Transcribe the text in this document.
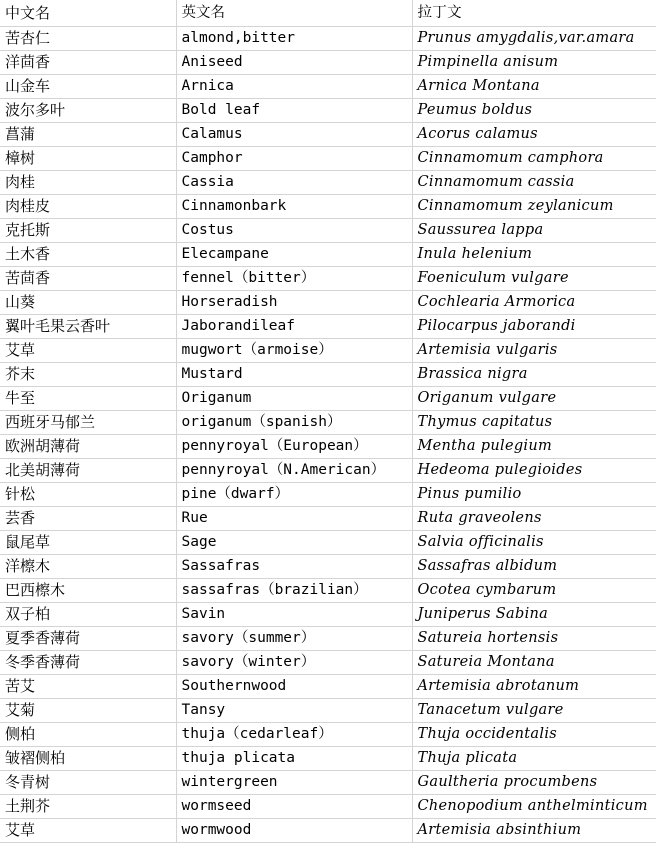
中文名	英文名	拉丁文
苦杏仁	almond,bitter	Prunus amygdalis,var.amara
洋茴香	Aniseed	Pimpinella anisum
山金车	Arnica	Arnica Montana
波尔多叶	Bold leaf	Peumus boldus
菖蒲	Calamus	Acorus calamus
樟树	Camphor	Cinnamomum camphora
肉桂	Cassia	Cinnamomum cassia
肉桂皮	Cinnamonbark	Cinnamomum zeylanicum
克托斯	Costus	Saussurea lappa
土木香	Elecampane	Inula helenium
苦茴香	fennel（bitter）	Foeniculum vulgare
山葵	Horseradish	Cochlearia Armorica
翼叶毛果云香叶	Jaborandileaf	Pilocarpus jaborandi
艾草	mugwort（armoise）	Artemisia vulgaris
芥末	Mustard	Brassica nigra
牛至	Origanum	Origanum vulgare
西班牙马郁兰	origanum（spanish）	Thymus capitatus
欧洲胡薄荷	pennyroyal（European）	Mentha pulegium
北美胡薄荷	pennyroyal（N.American）	Hedeoma pulegioides
针松	pine（dwarf）	Pinus pumilio
芸香	Rue	Ruta graveolens
鼠尾草	Sage	Salvia officinalis
洋檫木	Sassafras	Sassafras albidum
巴西檫木	sassafras（brazilian）	Ocotea cymbarum
双子柏	Savin	Juniperus Sabina
夏季香薄荷	savory（summer）	Satureia hortensis
冬季香薄荷	savory（winter）	Satureia Montana
苦艾	Southernwood	Artemisia abrotanum
艾菊	Tansy	Tanacetum vulgare
侧柏	thuja（cedarleaf）	Thuja occidentalis
皱褶侧柏	thuja plicata	Thuja plicata
冬青树	wintergreen	Gaultheria procumbens
土荆芥	wormseed	Chenopodium anthelminticum
艾草	wormwood	Artemisia absinthium
